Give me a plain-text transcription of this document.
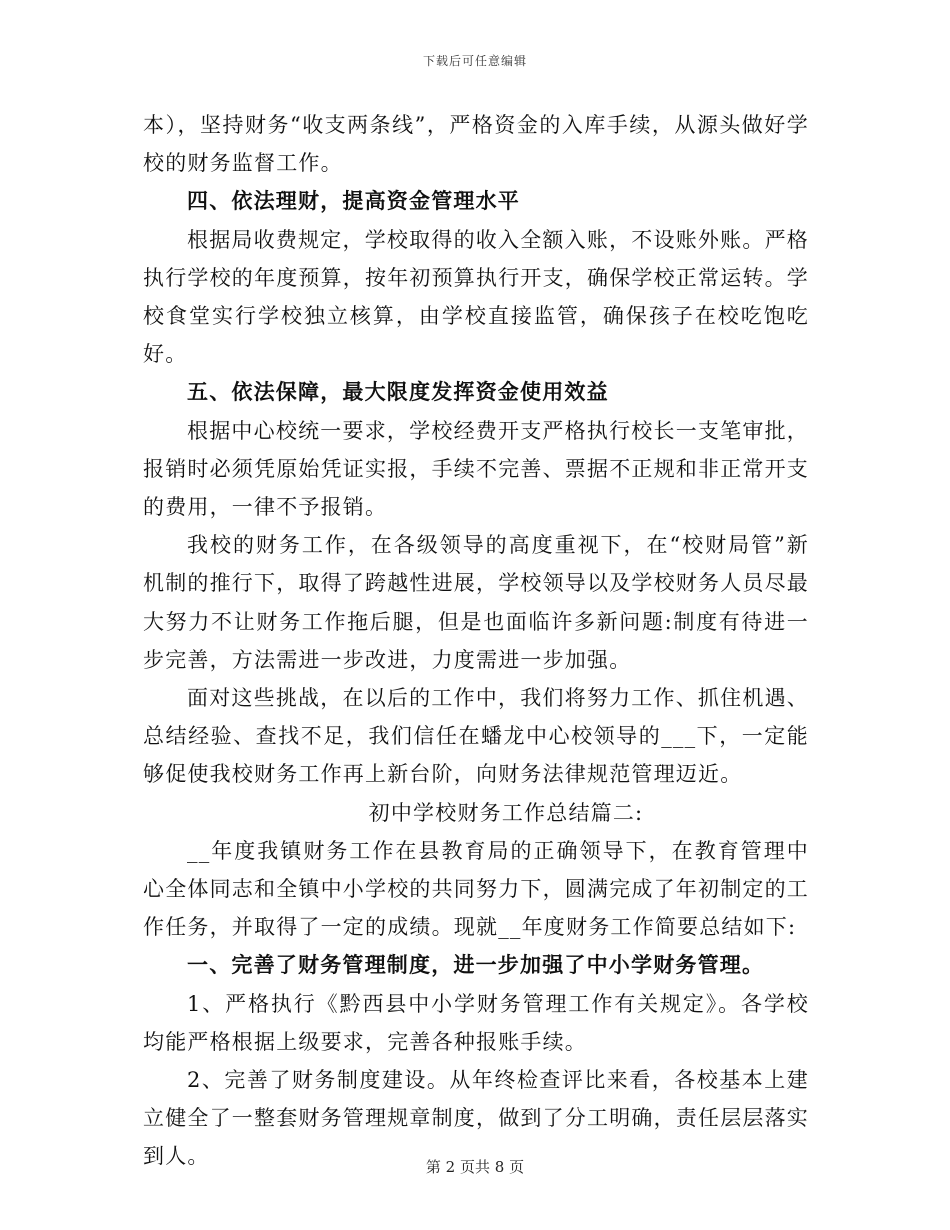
下载后可任意编辑

本），坚持财务“收支两条线”，严格资金的入库手续，从源头做好学校的财务监督工作。

四、依法理财，提高资金管理水平

根据局收费规定，学校取得的收入全额入账，不设账外账。严格执行学校的年度预算，按年初预算执行开支，确保学校正常运转。学校食堂实行学校独立核算，由学校直接监管，确保孩子在校吃饱吃好。

五、依法保障，最大限度发挥资金使用效益

根据中心校统一要求，学校经费开支严格执行校长一支笔审批，报销时必须凭原始凭证实报，手续不完善、票据不正规和非正常开支的费用，一律不予报销。

我校的财务工作，在各级领导的高度重视下，在“校财局管”新机制的推行下，取得了跨越性进展，学校领导以及学校财务人员尽最大努力不让财务工作拖后腿，但是也面临许多新问题:制度有待进一步完善，方法需进一步改进，力度需进一步加强。

面对这些挑战，在以后的工作中，我们将努力工作、抓住机遇、总结经验、查找不足，我们信任在蟠龙中心校领导的___下，一定能够促使我校财务工作再上新台阶，向财务法律规范管理迈近。

初中学校财务工作总结篇二:

__年度我镇财务工作在县教育局的正确领导下，在教育管理中心全体同志和全镇中小学校的共同努力下，圆满完成了年初制定的工作任务，并取得了一定的成绩。现就__年度财务工作简要总结如下:

一、完善了财务管理制度，进一步加强了中小学财务管理。

1、严格执行《黔西县中小学财务管理工作有关规定》。各学校均能严格根据上级要求，完善各种报账手续。

2、完善了财务制度建设。从年终检查评比来看，各校基本上建立健全了一整套财务管理规章制度，做到了分工明确，责任层层落实到人。	第 2 页共 8 页
